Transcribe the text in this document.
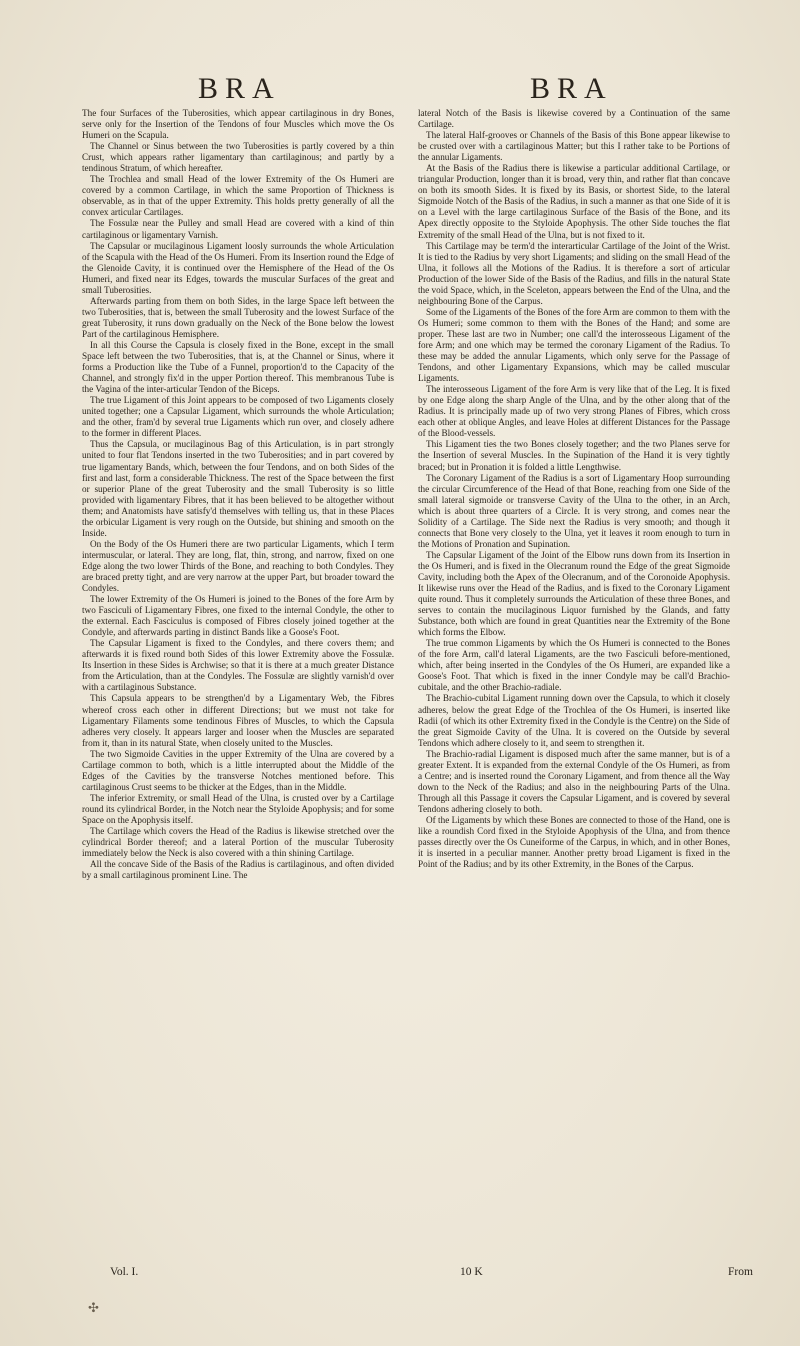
BRA	BRA

The four Surfaces of the Tuberosities, which appear cartilaginous in dry Bones, serve only for the Insertion of the Tendons of four Muscles which move the Os Humeri on the Scapula.

The Channel or Sinus between the two Tuberosities is partly covered by a thin Crust, which appears rather ligamentary than cartilaginous; and partly by a tendinous Stratum, of which hereafter.

The Trochlea and small Head of the lower Extremity of the Os Humeri are covered by a common Cartilage, in which the same Proportion of Thickness is observable, as in that of the upper Extremity. This holds pretty generally of all the convex articular Cartilages.

The Fossulæ near the Pulley and small Head are covered with a kind of thin cartilaginous or ligamentary Varnish.

The Capsular or mucilaginous Ligament loosly surrounds the whole Articulation of the Scapula with the Head of the Os Humeri. From its Insertion round the Edge of the Glenoide Cavity, it is continued over the Hemisphere of the Head of the Os Humeri, and fixed near its Edges, towards the muscular Surfaces of the great and small Tuberosities.

Afterwards parting from them on both Sides, in the large Space left between the two Tuberosities, that is, between the small Tuberosity and the lowest Surface of the great Tuberosity, it runs down gradually on the Neck of the Bone below the lowest Part of the cartilaginous Hemisphere.

In all this Course the Capsula is closely fixed in the Bone, except in the small Space left between the two Tuberosities, that is, at the Channel or Sinus, where it forms a Production like the Tube of a Funnel, proportion'd to the Capacity of the Channel, and strongly fix'd in the upper Portion thereof. This membranous Tube is the Vagina of the inter-articular Tendon of the Biceps.

The true Ligament of this Joint appears to be composed of two Ligaments closely united together; one a Capsular Ligament, which surrounds the whole Articulation; and the other, fram'd by several true Ligaments which run over, and closely adhere to the former in different Places.

Thus the Capsula, or mucilaginous Bag of this Articulation, is in part strongly united to four flat Tendons inserted in the two Tuberosities; and in part covered by true ligamentary Bands, which, between the four Tendons, and on both Sides of the first and last, form a considerable Thickness. The rest of the Space between the first or superior Plane of the great Tuberosity and the small Tuberosity is so little provided with ligamentary Fibres, that it has been believed to be altogether without them; and Anatomists have satisfy'd themselves with telling us, that in these Places the orbicular Ligament is very rough on the Outside, but shining and smooth on the Inside.

On the Body of the Os Humeri there are two particular Ligaments, which I term intermuscular, or lateral. They are long, flat, thin, strong, and narrow, fixed on one Edge along the two lower Thirds of the Bone, and reaching to both Condyles. They are braced pretty tight, and are very narrow at the upper Part, but broader toward the Condyles.

The lower Extremity of the Os Humeri is joined to the Bones of the fore Arm by two Fasciculi of Ligamentary Fibres, one fixed to the internal Condyle, the other to the external. Each Fasciculus is composed of Fibres closely joined together at the Condyle, and afterwards parting in distinct Bands like a Goose's Foot.

The Capsular Ligament is fixed to the Condyles, and there covers them; and afterwards it is fixed round both Sides of this lower Extremity above the Fossulæ. Its Insertion in these Sides is Archwise; so that it is there at a much greater Distance from the Articulation, than at the Condyles. The Fossulæ are slightly varnish'd over with a cartilaginous Substance.

This Capsula appears to be strengthen'd by a Ligamentary Web, the Fibres whereof cross each other in different Directions; but we must not take for Ligamentary Filaments some tendinous Fibres of Muscles, to which the Capsula adheres very closely. It appears larger and looser when the Muscles are separated from it, than in its natural State, when closely united to the Muscles.

The two Sigmoide Cavities in the upper Extremity of the Ulna are covered by a Cartilage common to both, which is a little interrupted about the Middle of the Edges of the Cavities by the transverse Notches mentioned before. This cartilaginous Crust seems to be thicker at the Edges, than in the Middle.

The inferior Extremity, or small Head of the Ulna, is crusted over by a Cartilage round its cylindrical Border, in the Notch near the Styloide Apophysis; and for some Space on the Apophysis itself.

The Cartilage which covers the Head of the Radius is likewise stretched over the cylindrical Border thereof; and a lateral Portion of the muscular Tuberosity immediately below the Neck is also covered with a thin shining Cartilage.

All the concave Side of the Basis of the Radius is cartilaginous, and often divided by a small cartilaginous prominent Line. The

lateral Notch of the Basis is likewise covered by a Continuation of the same Cartilage.

The lateral Half-grooves or Channels of the Basis of this Bone appear likewise to be crusted over with a cartilaginous Matter; but this I rather take to be Portions of the annular Ligaments.

At the Basis of the Radius there is likewise a particular additional Cartilage, or triangular Production, longer than it is broad, very thin, and rather flat than concave on both its smooth Sides. It is fixed by its Basis, or shortest Side, to the lateral Sigmoide Notch of the Basis of the Radius, in such a manner as that one Side of it is on a Level with the large cartilaginous Surface of the Basis of the Bone, and its Apex directly opposite to the Styloide Apophysis. The other Side touches the flat Extremity of the small Head of the Ulna, but is not fixed to it.

This Cartilage may be term'd the interarticular Cartilage of the Joint of the Wrist. It is tied to the Radius by very short Ligaments; and sliding on the small Head of the Ulna, it follows all the Motions of the Radius. It is therefore a sort of articular Production of the lower Side of the Basis of the Radius, and fills in the natural State the void Space, which, in the Sceleton, appears between the End of the Ulna, and the neighbouring Bone of the Carpus.

Some of the Ligaments of the Bones of the fore Arm are common to them with the Os Humeri; some common to them with the Bones of the Hand; and some are proper. These last are two in Number; one call'd the interosseous Ligament of the fore Arm; and one which may be termed the coronary Ligament of the Radius. To these may be added the annular Ligaments, which only serve for the Passage of Tendons, and other Ligamentary Expansions, which may be called muscular Ligaments.

The interosseous Ligament of the fore Arm is very like that of the Leg. It is fixed by one Edge along the sharp Angle of the Ulna, and by the other along that of the Radius. It is principally made up of two very strong Planes of Fibres, which cross each other at oblique Angles, and leave Holes at different Distances for the Passage of the Blood-vessels.

This Ligament ties the two Bones closely together; and the two Planes serve for the Insertion of several Muscles. In the Supination of the Hand it is very tightly braced; but in Pronation it is folded a little Lengthwise.

The Coronary Ligament of the Radius is a sort of Ligamentary Hoop surrounding the circular Circumference of the Head of that Bone, reaching from one Side of the small lateral sigmoide or transverse Cavity of the Ulna to the other, in an Arch, which is about three quarters of a Circle. It is very strong, and comes near the Solidity of a Cartilage. The Side next the Radius is very smooth; and though it connects that Bone very closely to the Ulna, yet it leaves it room enough to turn in the Motions of Pronation and Supination.

The Capsular Ligament of the Joint of the Elbow runs down from its Insertion in the Os Humeri, and is fixed in the Olecranum round the Edge of the great Sigmoide Cavity, including both the Apex of the Olecranum, and of the Coronoide Apophysis. It likewise runs over the Head of the Radius, and is fixed to the Coronary Ligament quite round. Thus it completely surrounds the Articulation of these three Bones, and serves to contain the mucilaginous Liquor furnished by the Glands, and fatty Substance, both which are found in great Quantities near the Extremity of the Bone which forms the Elbow.

The true common Ligaments by which the Os Humeri is connected to the Bones of the fore Arm, call'd lateral Ligaments, are the two Fasciculi before-mentioned, which, after being inserted in the Condyles of the Os Humeri, are expanded like a Goose's Foot. That which is fixed in the inner Condyle may be call'd Brachio-cubitale, and the other Brachio-radiale.

The Brachio-cubital Ligament running down over the Capsula, to which it closely adheres, below the great Edge of the Trochlea of the Os Humeri, is inserted like Radii (of which its other Extremity fixed in the Condyle is the Centre) on the Side of the great Sigmoide Cavity of the Ulna. It is covered on the Outside by several Tendons which adhere closely to it, and seem to strengthen it.

The Brachio-radial Ligament is disposed much after the same manner, but is of a greater Extent. It is expanded from the external Condyle of the Os Humeri, as from a Centre; and is inserted round the Coronary Ligament, and from thence all the Way down to the Neck of the Radius; and also in the neighbouring Parts of the Ulna. Through all this Passage it covers the Capsular Ligament, and is covered by several Tendons adhering closely to both.

Of the Ligaments by which these Bones are connected to those of the Hand, one is like a roundish Cord fixed in the Styloide Apophysis of the Ulna, and from thence passes directly over the Os Cuneiforme of the Carpus, in which, and in other Bones, it is inserted in a peculiar manner. Another pretty broad Ligament is fixed in the Point of the Radius; and by its other Extremity, in the Bones of the Carpus.

Vol. I.	10 K	From
✣
